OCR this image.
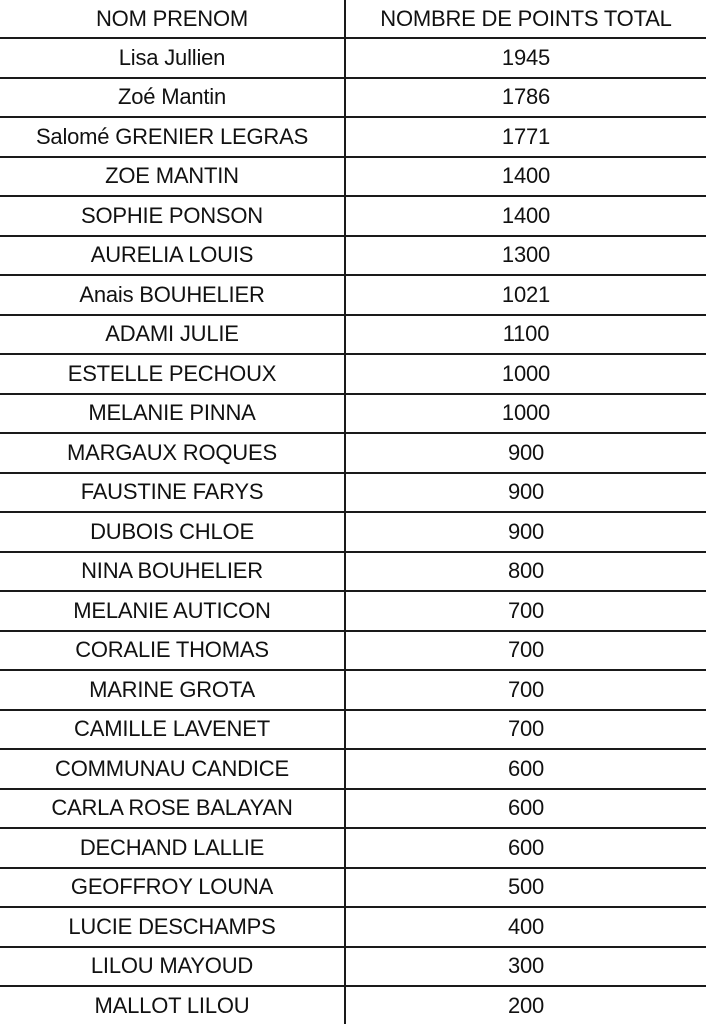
NOM PRENOM	NOMBRE DE POINTS TOTAL
Lisa Jullien	1945
Zoé Mantin	1786
Salomé GRENIER LEGRAS	1771
ZOE MANTIN	1400
SOPHIE PONSON	1400
AURELIA LOUIS	1300
Anais BOUHELIER	1021
ADAMI JULIE	1100
ESTELLE PECHOUX	1000
MELANIE PINNA	1000
MARGAUX ROQUES	900
FAUSTINE FARYS	900
DUBOIS CHLOE	900
NINA BOUHELIER	800
MELANIE AUTICON	700
CORALIE THOMAS	700
MARINE GROTA	700
CAMILLE LAVENET	700
COMMUNAU CANDICE	600
CARLA ROSE BALAYAN	600
DECHAND LALLIE	600
GEOFFROY LOUNA	500
LUCIE DESCHAMPS	400
LILOU MAYOUD	300
MALLOT LILOU	200
